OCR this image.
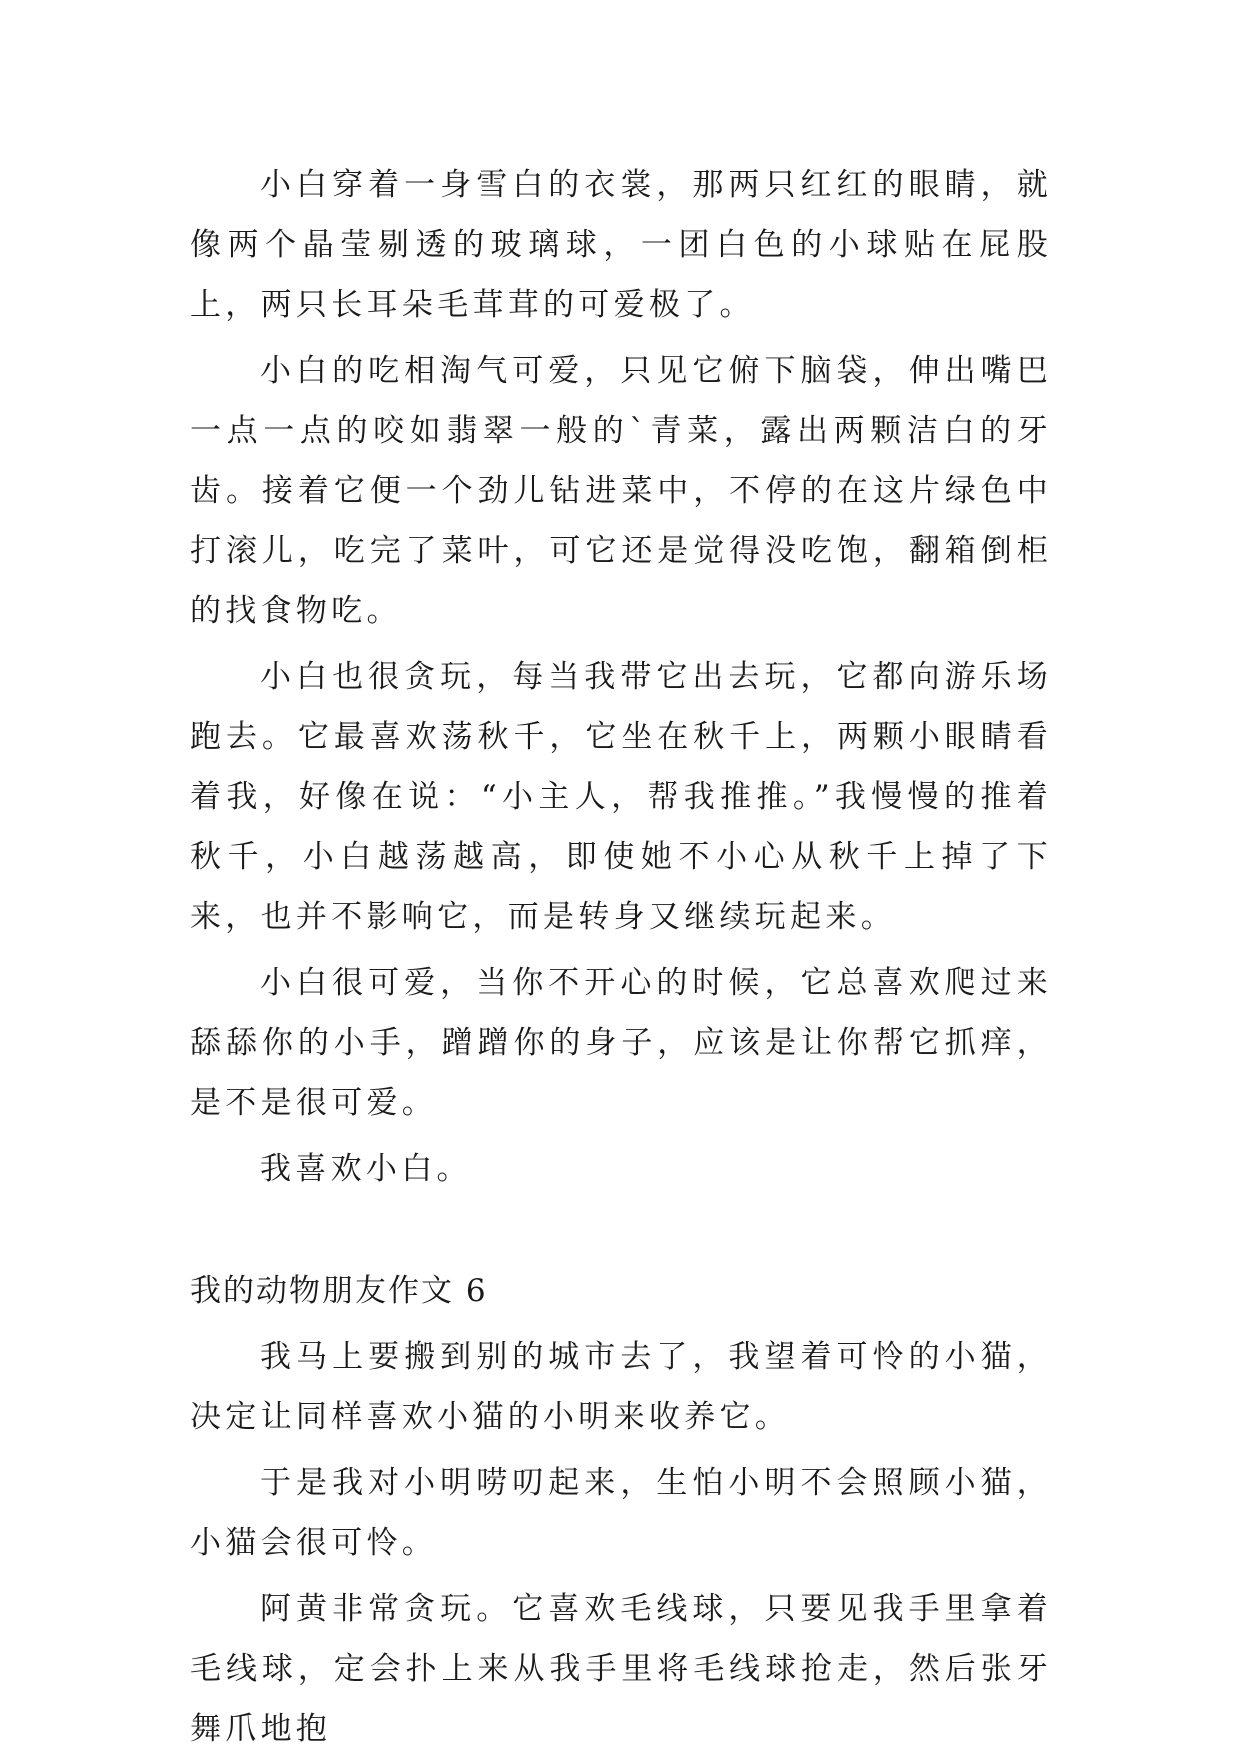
小白穿着一身雪白的衣裳，那两只红红的眼睛，就像两个晶莹剔透的玻璃球，一团白色的小球贴在屁股上，两只长耳朵毛茸茸的可爱极了。

小白的吃相淘气可爱，只见它俯下脑袋，伸出嘴巴一点一点的咬如翡翠一般的`青菜，露出两颗洁白的牙齿。接着它便一个劲儿钻进菜中，不停的在这片绿色中打滚儿，吃完了菜叶，可它还是觉得没吃饱，翻箱倒柜的找食物吃。

小白也很贪玩，每当我带它出去玩，它都向游乐场跑去。它最喜欢荡秋千，它坐在秋千上，两颗小眼睛看着我，好像在说：“小主人，帮我推推。”我慢慢的推着秋千，小白越荡越高，即使她不小心从秋千上掉了下来，也并不影响它，而是转身又继续玩起来。

小白很可爱，当你不开心的时候，它总喜欢爬过来舔舔你的小手，蹭蹭你的身子，应该是让你帮它抓痒，是不是很可爱。

我喜欢小白。

我的动物朋友作文 6

我马上要搬到别的城市去了，我望着可怜的小猫，决定让同样喜欢小猫的小明来收养它。

于是我对小明唠叨起来，生怕小明不会照顾小猫，小猫会很可怜。

阿黄非常贪玩。它喜欢毛线球，只要见我手里拿着毛线球，定会扑上来从我手里将毛线球抢走，然后张牙舞爪地抱
